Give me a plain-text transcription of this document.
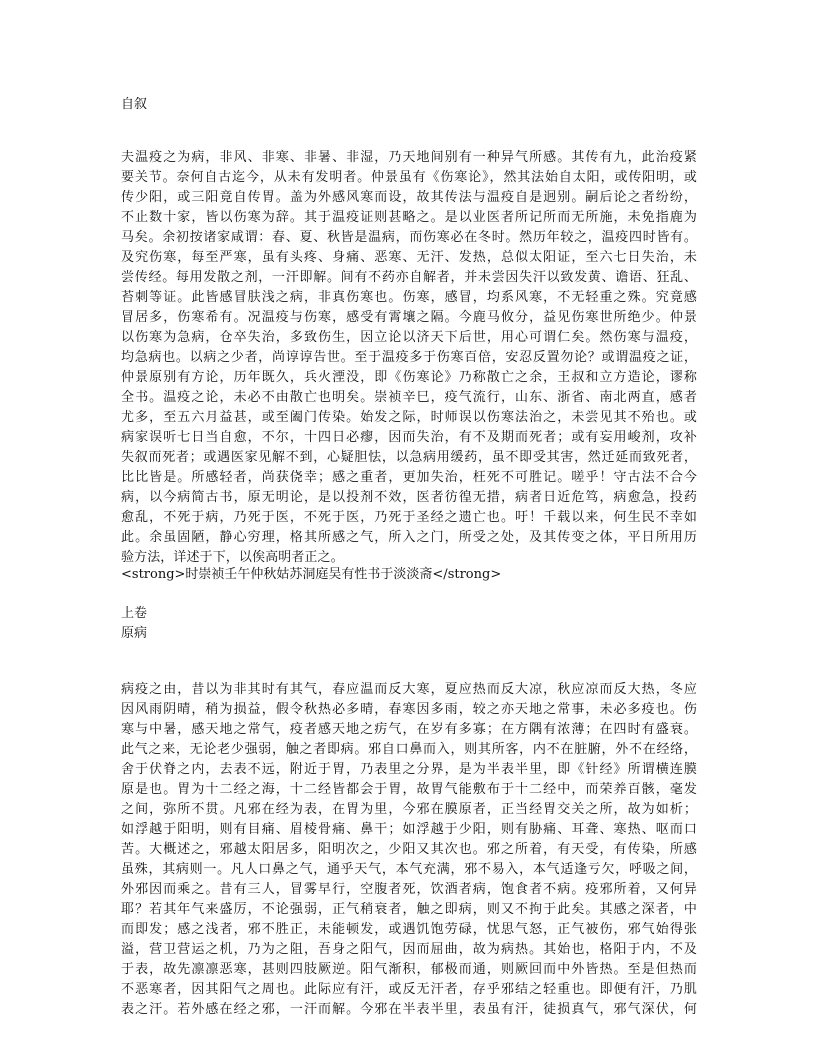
自叙
夫温疫之为病，非风、非寒、非暑、非湿，乃天地间别有一种异气所感。其传有九，此治疫紧
要关节。奈何自古迄今，从未有发明者。仲景虽有《伤寒论》，然其法始自太阳，或传阳明，或
传少阳，或三阳竟自传胃。盖为外感风寒而设，故其传法与温疫自是迥别。嗣后论之者纷纷，
不止数十家，皆以伤寒为辞。其于温疫证则甚略之。是以业医者所记所而无所施，未免指鹿为
马矣。余初按诸家咸谓：春、夏、秋皆是温病，而伤寒必在冬时。然历年较之，温疫四时皆有。
及究伤寒，每至严寒，虽有头疼、身痛、恶寒、无汗、发热，总似太阳证，至六七日失治，未
尝传经。每用发散之剂，一汗即解。间有不药亦自解者，并未尝因失汗以致发黄、谵语、狂乱、
苔刺等证。此皆感冒肤浅之病，非真伤寒也。伤寒，感冒，均系风寒，不无轻重之殊。究竟感
冒居多，伤寒希有。况温疫与伤寒，感受有霄壤之隔。今鹿马攸分，益见伤寒世所绝少。仲景
以伤寒为急病，仓卒失治，多致伤生，因立论以济天下后世，用心可谓仁矣。然伤寒与温疫，
均急病也。以病之少者，尚谆谆告世。至于温疫多于伤寒百倍，安忍反置勿论？或谓温疫之证，
仲景原别有方论，历年既久，兵火湮没，即《伤寒论》乃称散亡之余，王叔和立方造论，谬称
全书。温疫之论，未必不由散亡也明矣。崇祯辛巳，疫气流行，山东、浙省、南北两直，感者
尤多，至五六月益甚，或至阖门传染。始发之际，时师误以伤寒法治之，未尝见其不殆也。或
病家误听七日当自愈，不尔，十四日必瘳，因而失治，有不及期而死者；或有妄用峻剂，攻补
失叙而死者；或遇医家见解不到，心疑胆怯，以急病用缓药，虽不即受其害，然迁延而致死者，
比比皆是。所感轻者，尚获侥幸；感之重者，更加失治，枉死不可胜记。嗟乎！守古法不合今
病，以今病简古书，原无明论，是以投剂不效，医者彷徨无措，病者日近危笃，病愈急，投药
愈乱，不死于病，乃死于医，不死于医，乃死于圣经之遗亡也。吁！千载以来，何生民不幸如
此。余虽固陋，静心穷理，格其所感之气，所入之门，所受之处，及其传变之体，平日所用历
验方法，详述于下，以俟高明者正之。
<strong>时崇祯壬午仲秋姑苏洞庭吴有性书于淡淡斋</strong>
上卷
原病
病疫之由，昔以为非其时有其气，春应温而反大寒，夏应热而反大凉，秋应凉而反大热，冬应
因风雨阴晴，稍为损益，假令秋热必多晴，春寒因多雨，较之亦天地之常事，未必多疫也。伤
寒与中暑，感天地之常气，疫者感天地之疠气，在岁有多寡；在方隅有浓薄；在四时有盛衰。
此气之来，无论老少强弱，触之者即病。邪自口鼻而入，则其所客，内不在脏腑，外不在经络，
舍于伏脊之内，去表不远，附近于胃，乃表里之分界，是为半表半里，即《针经》所谓横连膜
原是也。胃为十二经之海，十二经皆都会于胃，故胃气能敷布于十二经中，而荣养百骸，毫发
之间，弥所不贯。凡邪在经为表，在胃为里，今邪在膜原者，正当经胃交关之所，故为如析；
如浮越于阳明，则有目痛、眉棱骨痛、鼻干；如浮越于少阳，则有胁痛、耳聋、寒热、呕而口
苦。大概述之，邪越太阳居多，阳明次之，少阳又其次也。邪之所着，有天受，有传染，所感
虽殊，其病则一。凡人口鼻之气，通乎天气，本气充满，邪不易入，本气适逢亏欠，呼吸之间，
外邪因而乘之。昔有三人，冒雾早行，空腹者死，饮酒者病，饱食者不病。疫邪所着，又何异
耶？若其年气来盛厉，不论强弱，正气稍衰者，触之即病，则又不拘于此矣。其感之深者，中
而即发；感之浅者，邪不胜正，未能顿发，或遇饥饱劳碌，忧思气怒，正气被伤，邪气始得张
溢，营卫营运之机，乃为之阻，吾身之阳气，因而屈曲，故为病热。其始也，格阳于内，不及
于表，故先凛凛恶寒，甚则四肢厥逆。阳气渐积，郁极而通，则厥回而中外皆热。至是但热而
不恶寒者，因其阳气之周也。此际应有汗，或反无汗者，存乎邪结之轻重也。即便有汗，乃肌
表之汗。若外感在经之邪，一汗而解。今邪在半表半里，表虽有汗，徒损真气，邪气深伏，何
